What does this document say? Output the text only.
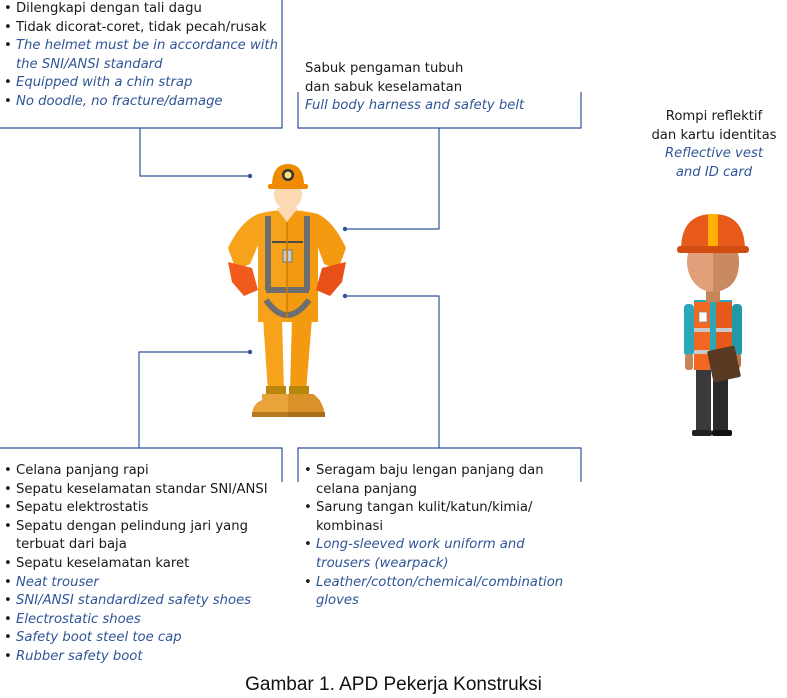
• Dilengkapi dengan tali dagu
• Tidak dicorat-coret, tidak pecah/rusak
• The helmet must be in accordance with the SNI/ANSI standard
• Equipped with a chin strap
• No doodle, no fracture/damage
Sabuk pengaman tubuh
dan sabuk keselamatan
Full body harness and safety belt
Rompi reflektif
dan kartu identitas
Reflective vest
and ID card
• Celana panjang rapi
• Sepatu keselamatan standar SNI/ANSI
• Sepatu elektrostatis
• Sepatu dengan pelindung jari yang terbuat dari baja
• Sepatu keselamatan karet
• Neat trouser
• SNI/ANSI standardized safety shoes
• Electrostatic shoes
• Safety boot steel toe cap
• Rubber safety boot
• Seragam baju lengan panjang dan celana panjang
• Sarung tangan kulit/katun/kimia/ kombinasi
• Long-sleeved work uniform and trousers (wearpack)
• Leather/cotton/chemical/combination gloves
Gambar 1. APD Pekerja Konstruksi
